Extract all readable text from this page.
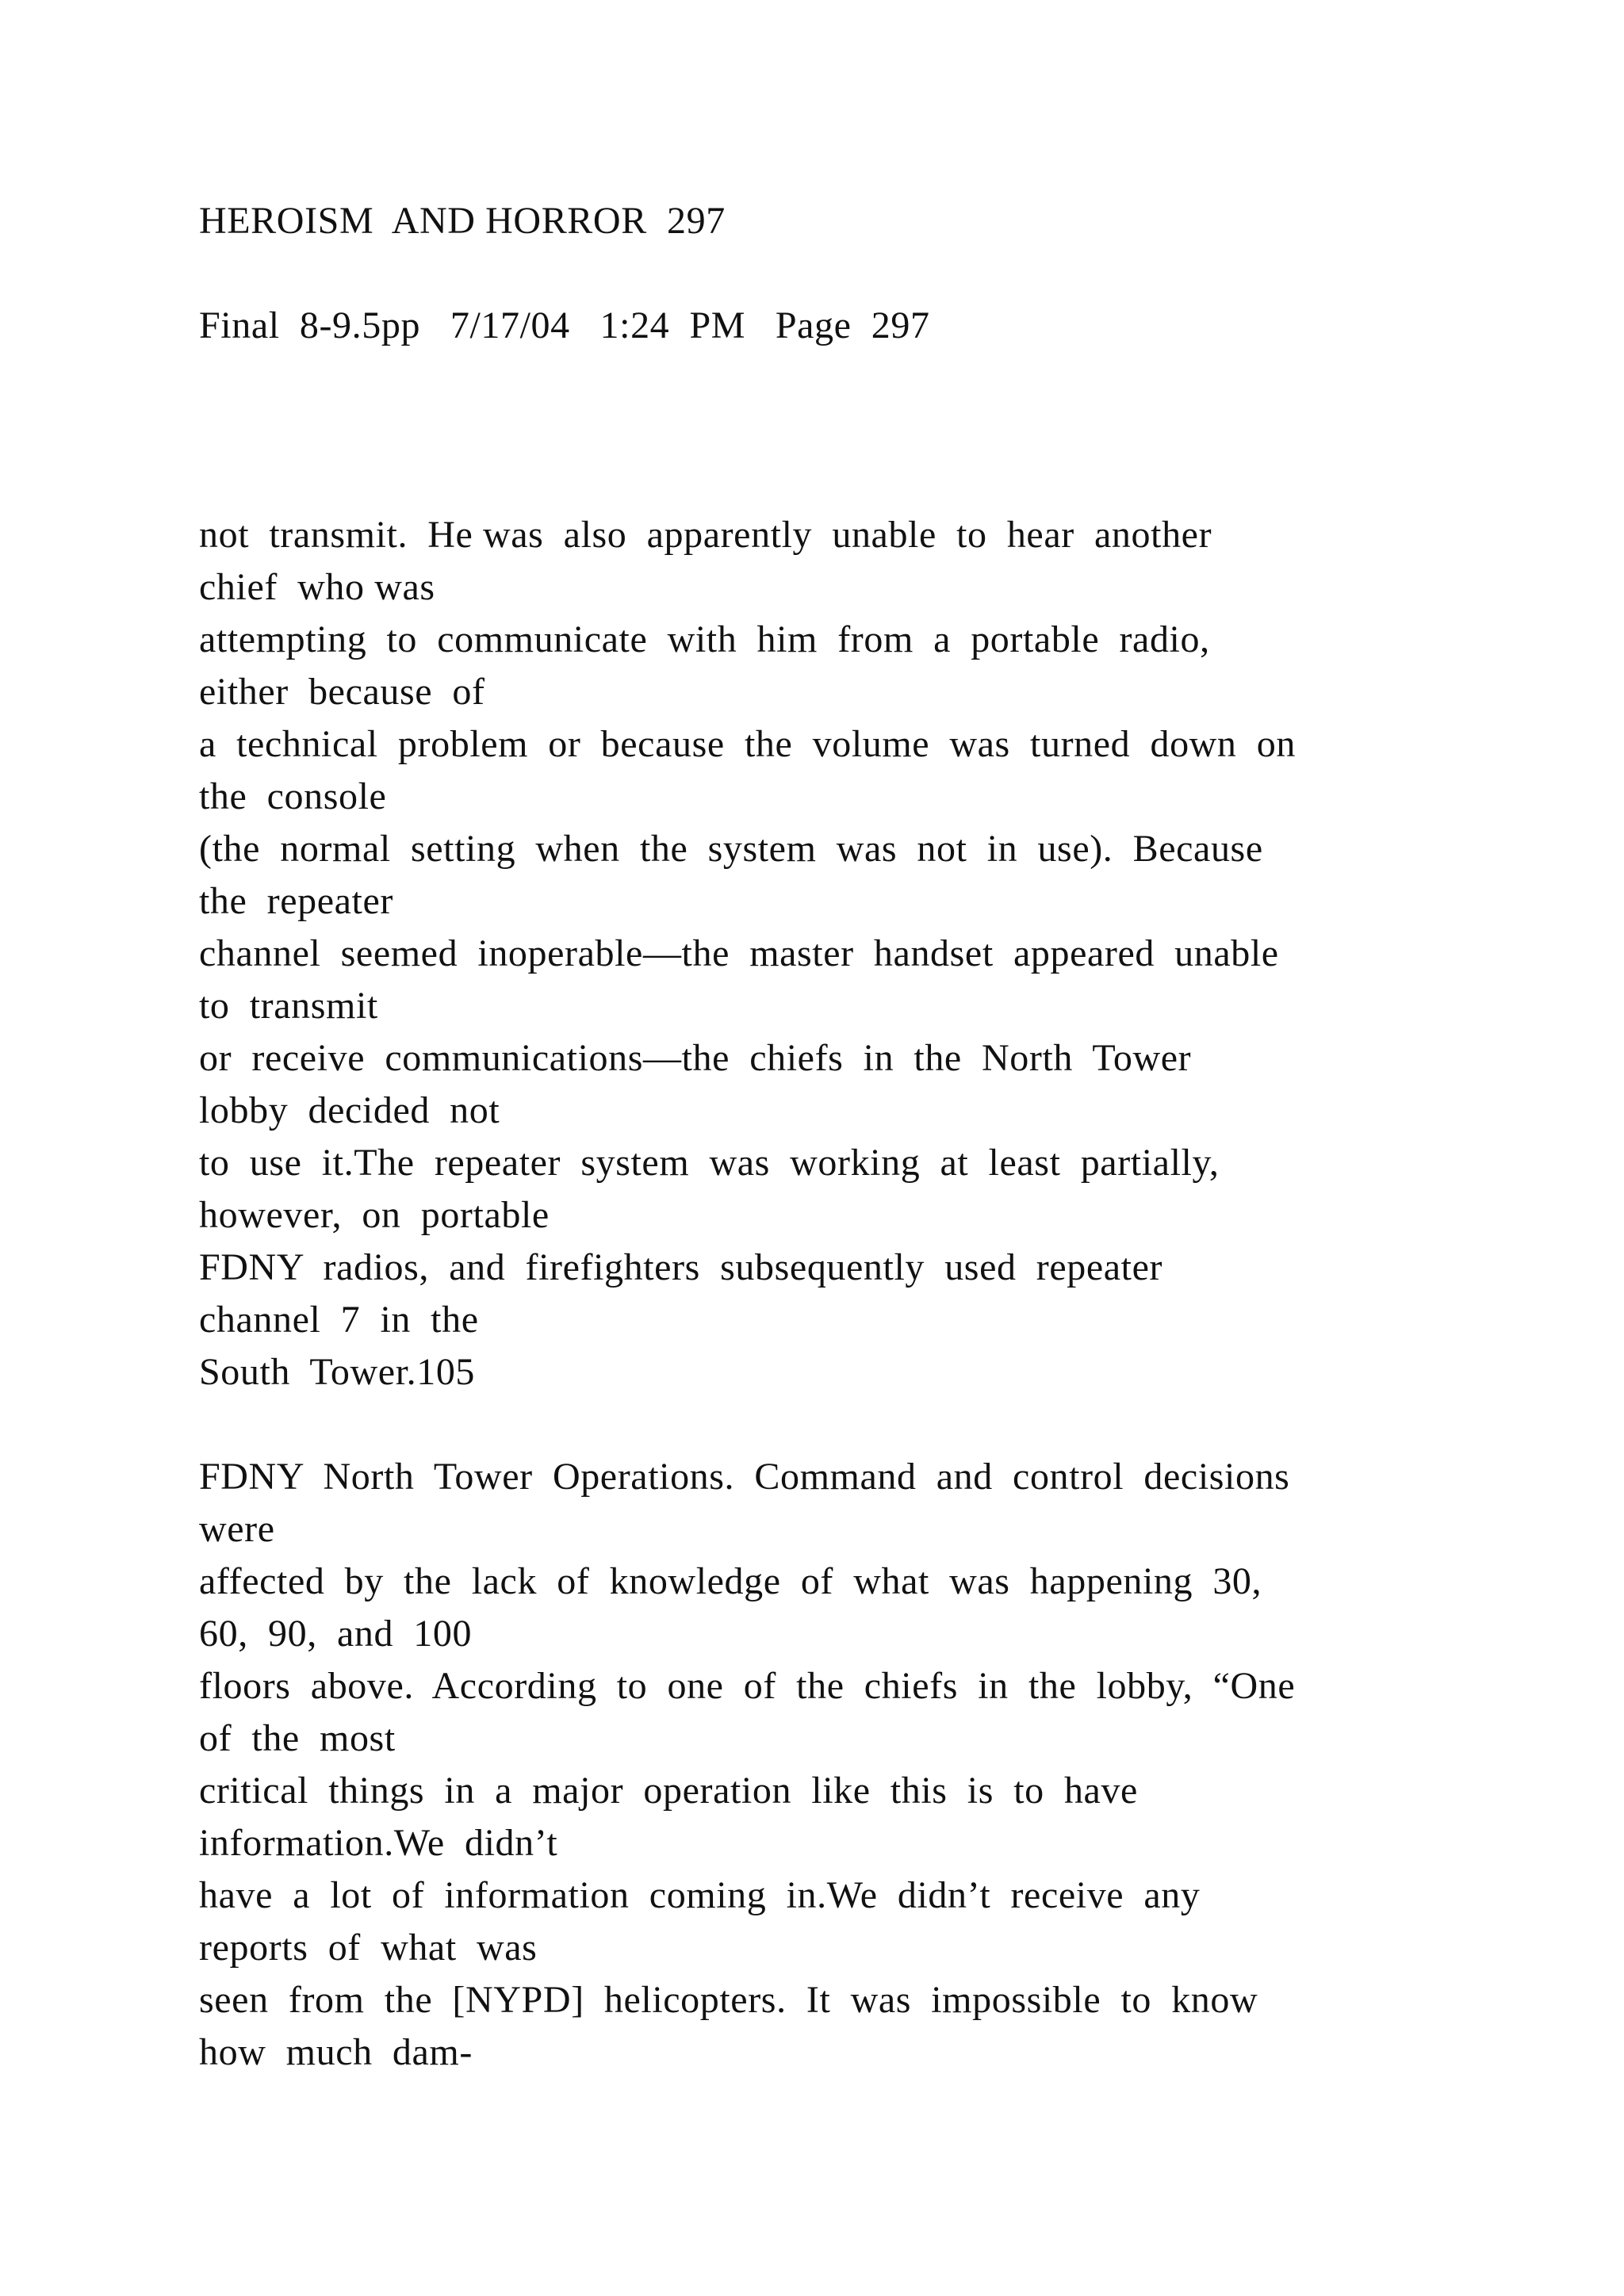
HEROISM  AND HORROR  297
Final  8-9.5pp   7/17/04   1:24  PM   Page  297
not  transmit.  He was  also  apparently  unable  to  hear  another
chief  who was
attempting  to  communicate  with  him  from  a  portable  radio,
either  because  of
a  technical  problem  or  because  the  volume  was  turned  down  on
the  console
(the  normal  setting  when  the  system  was  not  in  use).  Because
the  repeater
channel  seemed  inoperable—the  master  handset  appeared  unable
to  transmit
or  receive  communications—the  chiefs  in  the  North  Tower
lobby  decided  not
to  use  it.The  repeater  system  was  working  at  least  partially,
however,  on  portable
FDNY  radios,  and  firefighters  subsequently  used  repeater
channel  7  in  the
South  Tower.105
FDNY  North  Tower  Operations.  Command  and  control  decisions
were
affected  by  the  lack  of  knowledge  of  what  was  happening  30,
60,  90,  and  100
floors  above.  According  to  one  of  the  chiefs  in  the  lobby,  “One
of  the  most
critical  things  in  a  major  operation  like  this  is  to  have
information.We  didn’t
have  a  lot  of  information  coming  in.We  didn’t  receive  any
reports  of  what  was
seen  from  the  [NYPD]  helicopters.  It  was  impossible  to  know
how  much  dam-
